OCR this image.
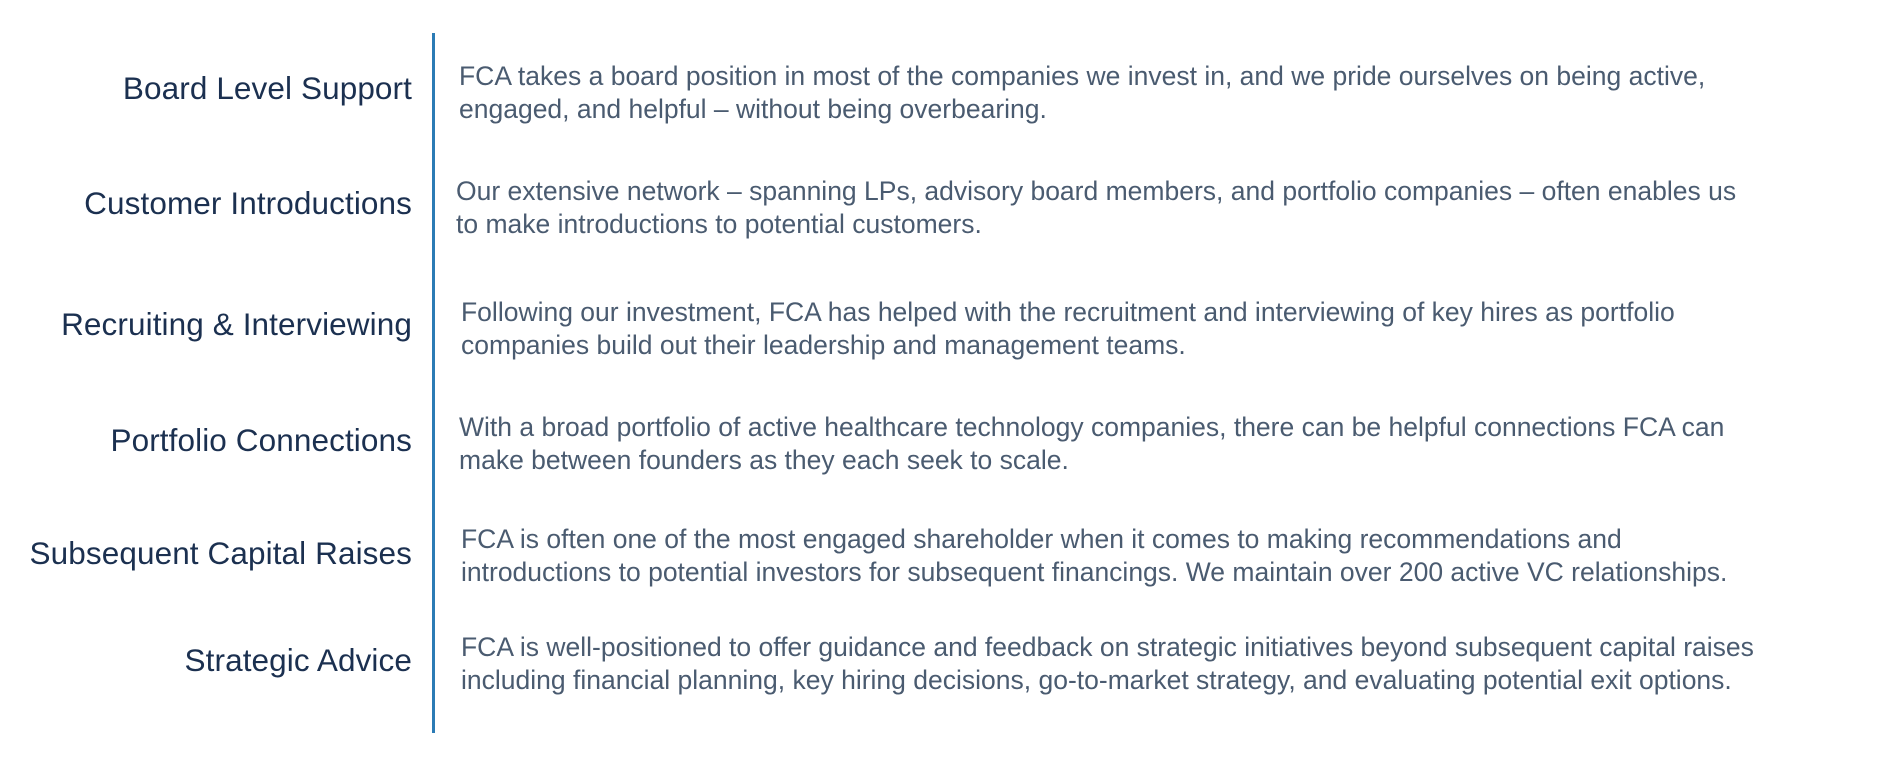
Board Level Support FCA takes a board position in most of the companies we invest in, and we pride ourselves on being active,
engaged, and helpful – without being overbearing.
Customer Introductions Our extensive network – spanning LPs, advisory board members, and portfolio companies – often enables us
to make introductions to potential customers.
Recruiting & Interviewing Following our investment, FCA has helped with the recruitment and interviewing of key hires as portfolio
companies build out their leadership and management teams.
Portfolio Connections With a broad portfolio of active healthcare technology companies, there can be helpful connections FCA can
make between founders as they each seek to scale.
Subsequent Capital Raises FCA is often one of the most engaged shareholder when it comes to making recommendations and
introductions to potential investors for subsequent financings. We maintain over 200 active VC relationships.
Strategic Advice FCA is well-positioned to offer guidance and feedback on strategic initiatives beyond subsequent capital raises
including financial planning, key hiring decisions, go-to-market strategy, and evaluating potential exit options.
